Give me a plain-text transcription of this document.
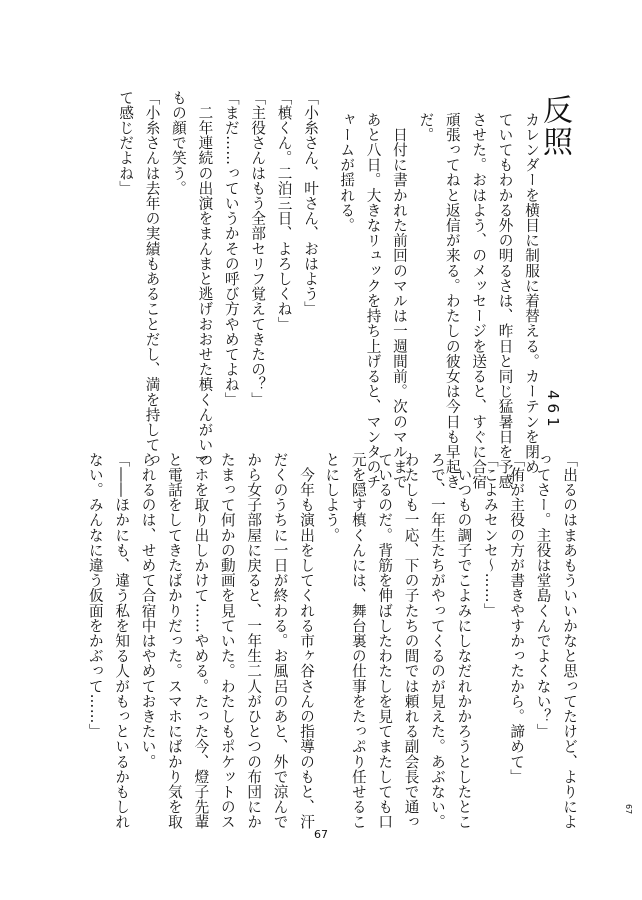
反照
461
カレンダーを横目に制服に着替える。カーテンを閉め
ていてもわかる外の明るさは、昨日と同じ猛暑日を予感
させた。おはよう、のメッセージを送ると、すぐに合宿
頑張ってねと返信が来る。わたしの彼女は今日も早起き
だ。
　日付に書かれた前回のマルは一週間前。次のマルまで
あと八日。大きなリュックを持ち上げると、マンタのチ
ャームが揺れる。
「小糸さん、叶さん、おはよう」
「槙くん。二泊三日、よろしくね」
「主役さんはもう全部セリフ覚えてきたの？」
「まだ……っていうかその呼び方やめてよね」
　二年連続の出演をまんまと逃げおおせた槙くんがいつ
もの顔で笑う。
「小糸さんは去年の実績もあることだし、満を持してっ
て感じだよね」
「出るのはまあもういいかなと思ってたけど、よりによ
ってさー。主役は堂島くんでよくない？」
「侑が主役の方が書きやすかったから。諦めて」
「こよみセンセ〜……」
　いつもの調子でこよみにしなだれかかろうとしたとこ
ろで、一年生たちがやってくるのが見えた。あぶない。
わたしも一応、下の子たちの間では頼れる副会長で通っ
ているのだ。背筋を伸ばしたわたしを見てまたしても口
元を隠す槙くんには、舞台裏の仕事をたっぷり任せるこ
とにしよう。
　今年も演出をしてくれる市ヶ谷さんの指導のもと、汗
だくのうちに一日が終わる。お風呂のあと、外で涼んで
から女子部屋に戻ると、一年生二人がひとつの布団にか
たまって何かの動画を見ていた。わたしもポケットのス
マホを取り出しかけて……やめる。たった今、燈子先輩
と電話をしてきたばかりだった。スマホにばかり気を取
られるのは、せめて合宿中はやめておきたい。
「――ほかにも、違う私を知る人がもっといるかもしれ
ない。みんなに違う仮面をかぶって……」
67
67
